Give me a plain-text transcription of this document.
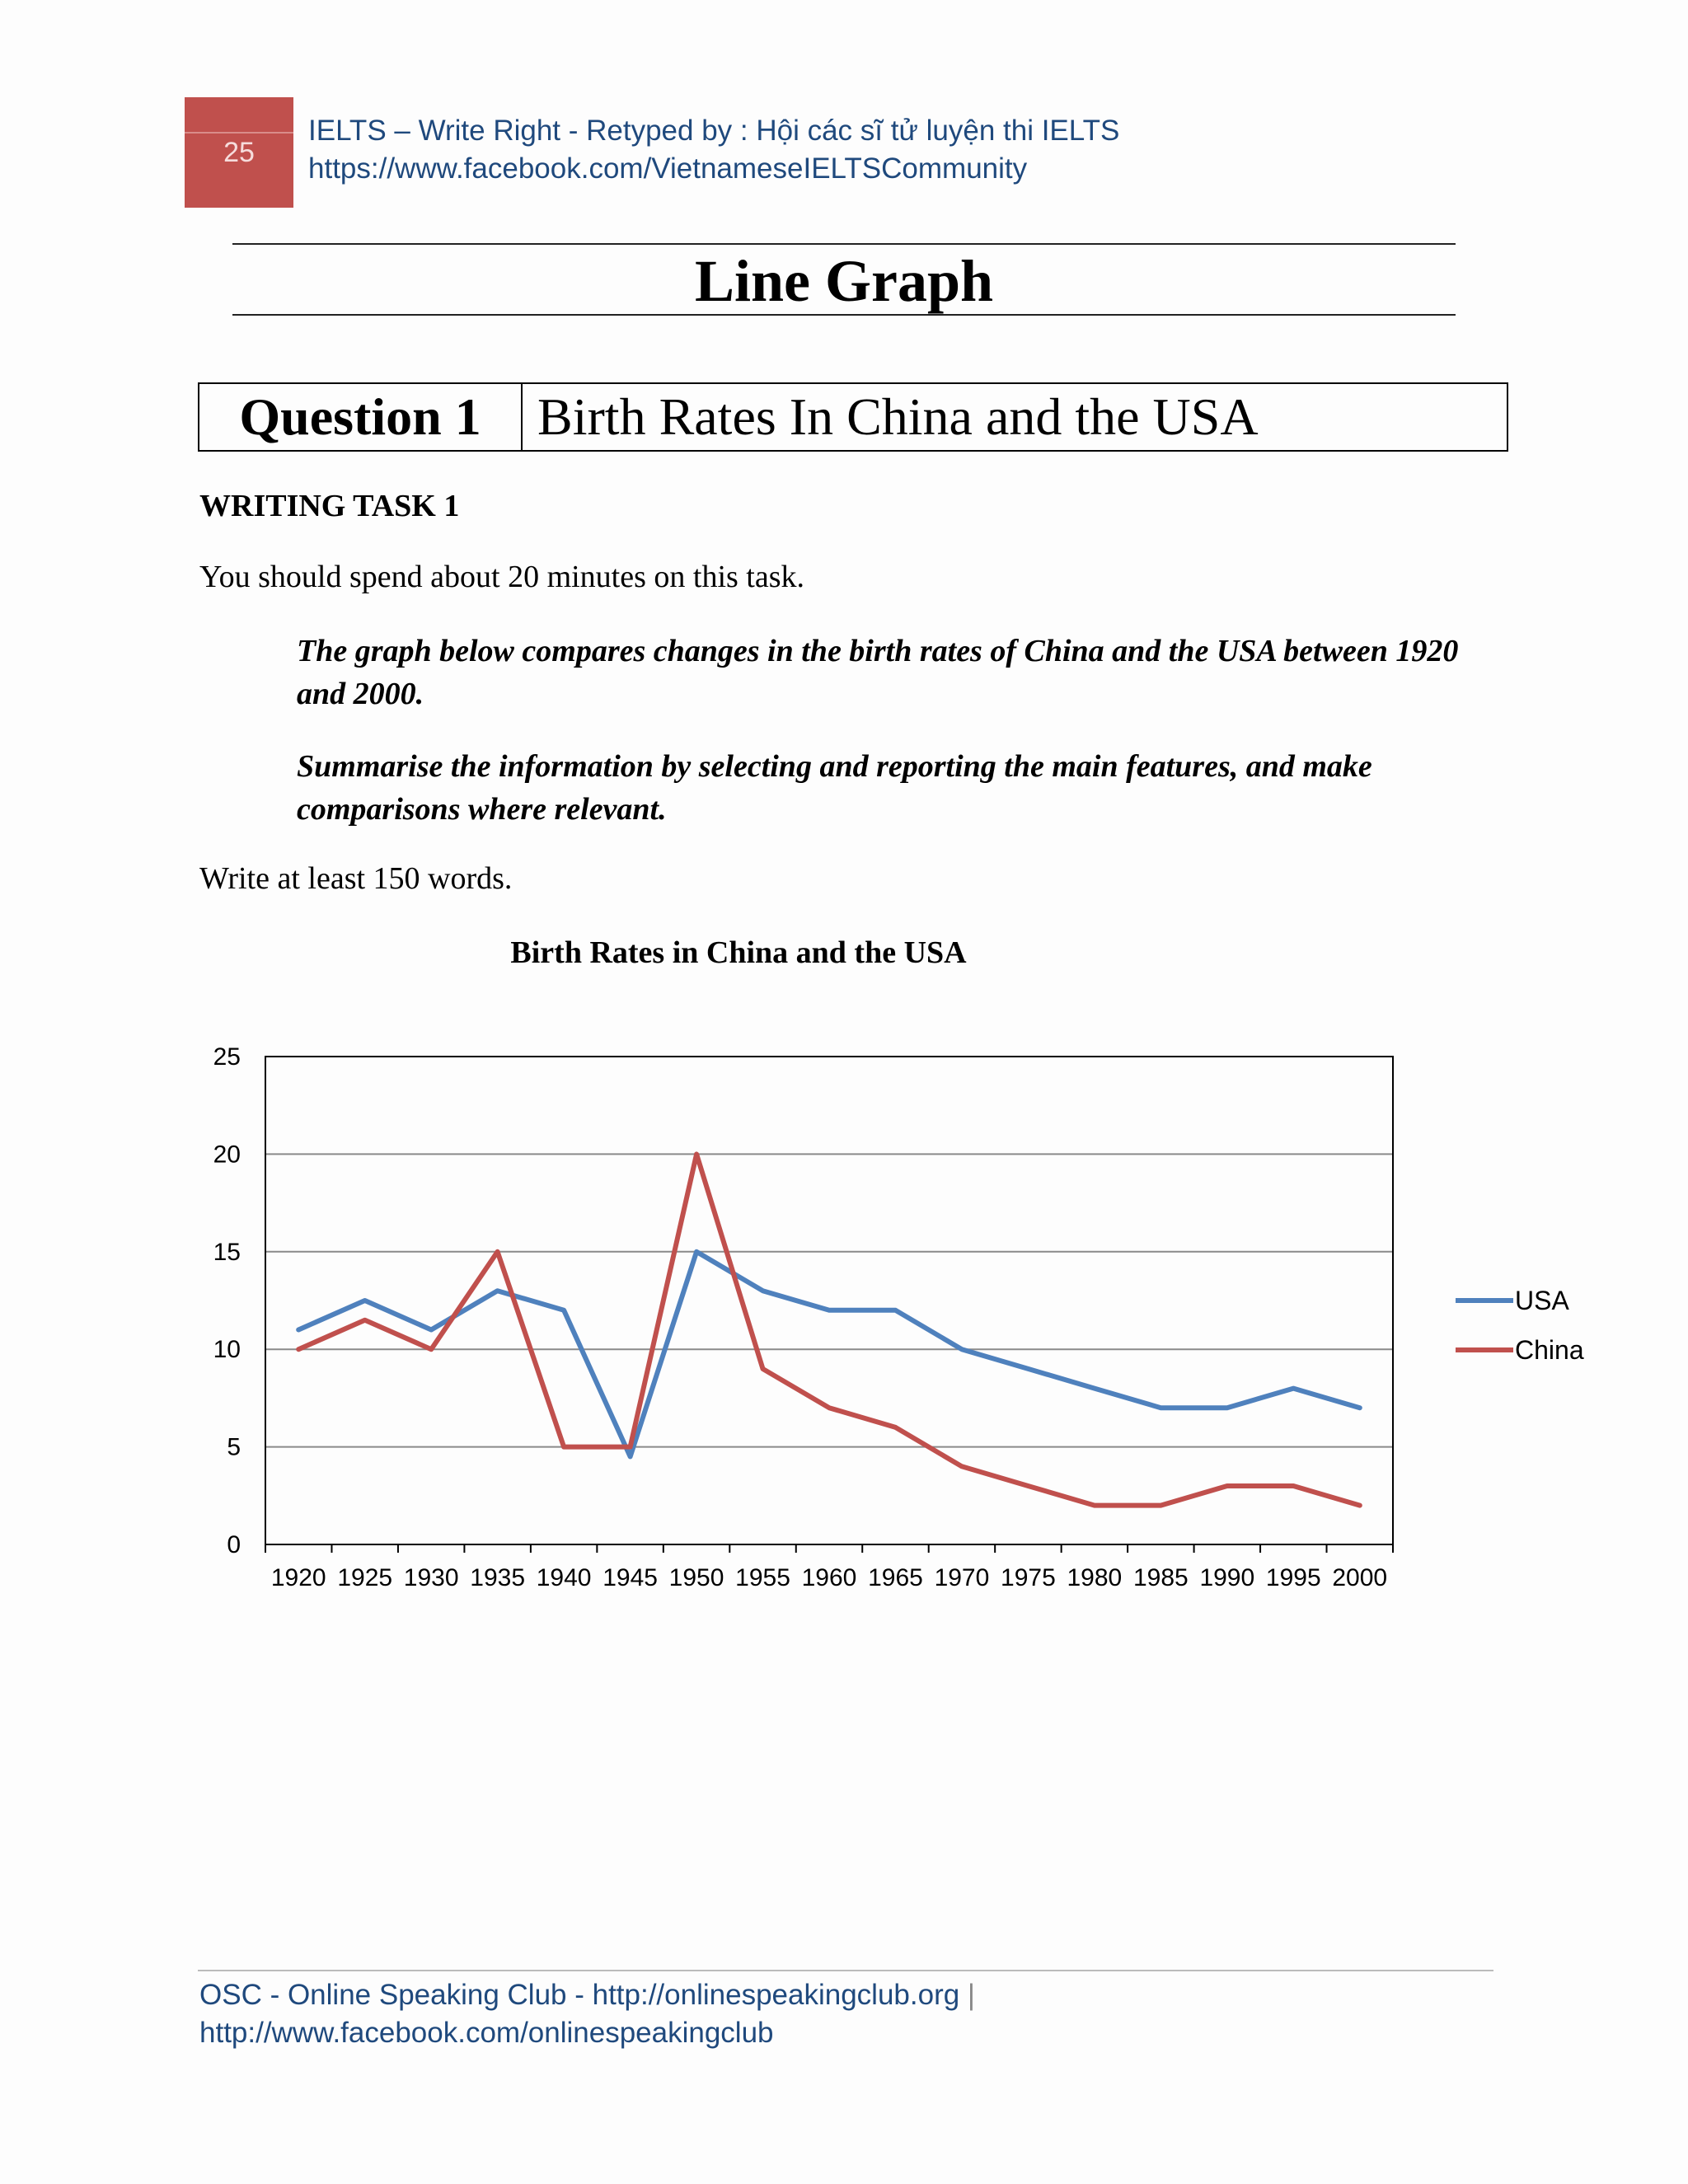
25
IELTS – Write Right - Retyped by : Hội các sĩ tử luyện thi IELTS
https://www.facebook.com/VietnameseIELTSCommunity
Line Graph
Question 1	Birth Rates In China and the USA
WRITING TASK 1
You should spend about 20 minutes on this task.
The graph below compares changes in the birth rates of China and the USA between 1920 and 2000.
Summarise the information by selecting and reporting the main features, and make comparisons where relevant.
Write at least 150 words.
Birth Rates in China and the USA
0
5
10
15
20
25
1920 1925 1930 1935 1940 1945 1950 1955 1960 1965 1970 1975 1980 1985 1990 1995 2000
USA
China
OSC - Online Speaking Club - http://onlinespeakingclub.org |
http://www.facebook.com/onlinespeakingclub
